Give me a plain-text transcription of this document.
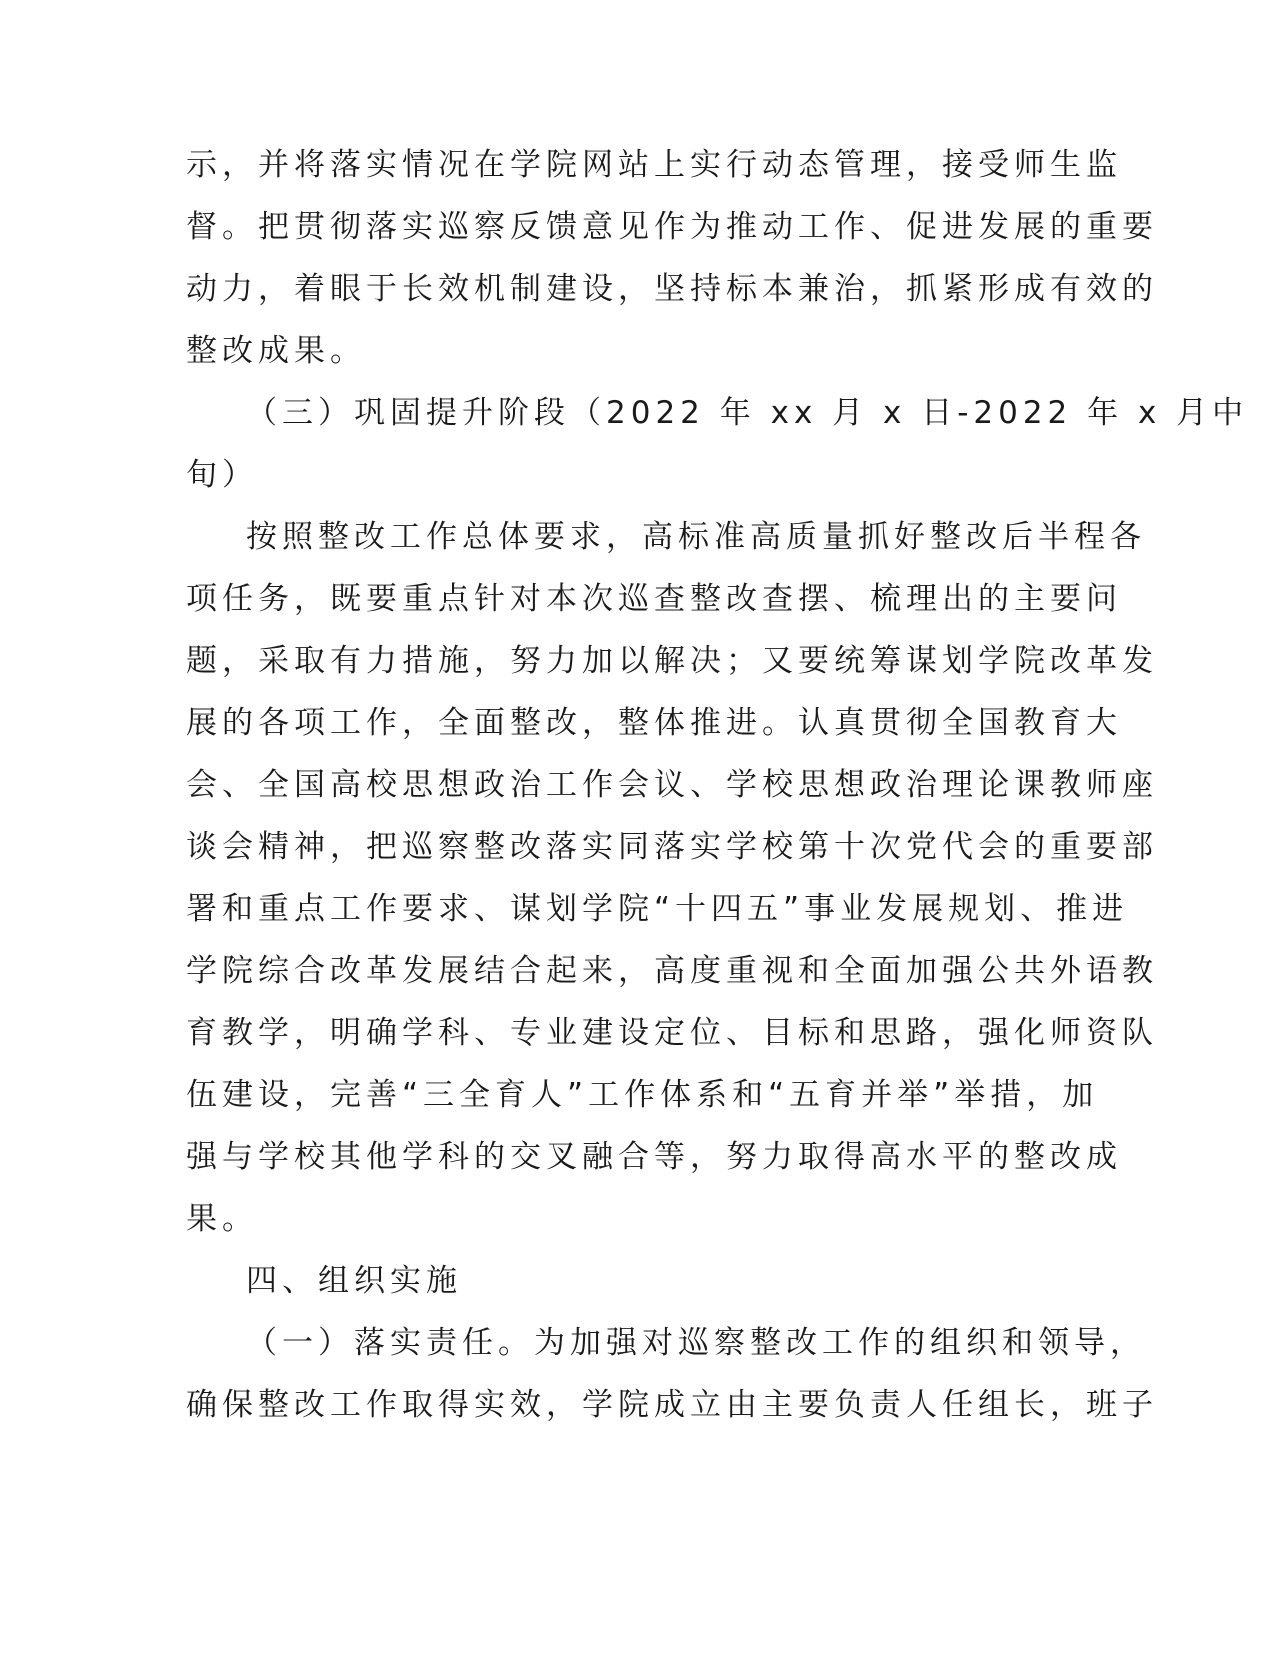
示，并将落实情况在学院网站上实行动态管理，接受师生监
督。把贯彻落实巡察反馈意见作为推动工作、促进发展的重要
动力，着眼于长效机制建设，坚持标本兼治，抓紧形成有效的
整改成果。
（三）巩固提升阶段（2022 年 xx 月 x 日-2022 年 x 月中
旬）
按照整改工作总体要求，高标准高质量抓好整改后半程各
项任务，既要重点针对本次巡查整改查摆、梳理出的主要问
题，采取有力措施，努力加以解决；又要统筹谋划学院改革发
展的各项工作，全面整改，整体推进。认真贯彻全国教育大
会、全国高校思想政治工作会议、学校思想政治理论课教师座
谈会精神，把巡察整改落实同落实学校第十次党代会的重要部
署和重点工作要求、谋划学院“十四五”事业发展规划、推进
学院综合改革发展结合起来，高度重视和全面加强公共外语教
育教学，明确学科、专业建设定位、目标和思路，强化师资队
伍建设，完善“三全育人”工作体系和“五育并举”举措，加
强与学校其他学科的交叉融合等，努力取得高水平的整改成
果。
四、组织实施
（一）落实责任。为加强对巡察整改工作的组织和领导，
确保整改工作取得实效，学院成立由主要负责人任组长，班子
